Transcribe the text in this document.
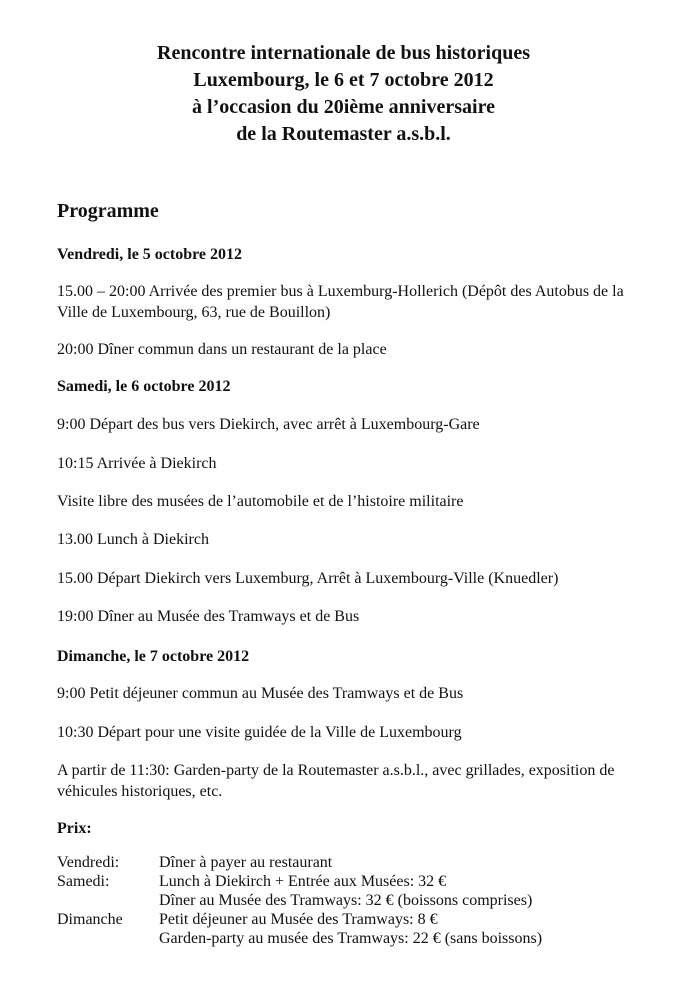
Rencontre internationale de bus historiques
Luxembourg, le 6 et 7 octobre 2012
à l’occasion du 20ième anniversaire
de la Routemaster a.s.b.l.
Programme
Vendredi, le 5 octobre 2012
15.00 – 20:00 Arrivée des premier bus à Luxemburg-Hollerich (Dépôt des Autobus de la Ville de Luxembourg, 63, rue de Bouillon)
20:00 Dîner commun dans un restaurant de la place
Samedi, le 6 octobre 2012
9:00 Départ des bus vers Diekirch, avec arrêt à Luxembourg-Gare
10:15 Arrivée à Diekirch
Visite libre des musées de l’automobile et de l’histoire militaire
13.00 Lunch à Diekirch
15.00 Départ Diekirch vers Luxemburg, Arrêt à Luxembourg-Ville (Knuedler)
19:00 Dîner au Musée des Tramways et de Bus
Dimanche, le 7 octobre 2012
9:00 Petit déjeuner commun au Musée des Tramways et de Bus
10:30 Départ pour une visite guidée de la Ville de Luxembourg
A partir de 11:30: Garden-party de la Routemaster a.s.b.l., avec grillades, exposition de véhicules historiques, etc.
Prix:
Vendredi:	Dîner à payer au restaurant
Samedi:	Lunch à Diekirch + Entrée aux Musées: 32 €
Dîner au Musée des Tramways: 32 € (boissons comprises)
Dimanche	Petit déjeuner au Musée des Tramways: 8 €
Garden-party au musée des Tramways: 22 € (sans boissons)
